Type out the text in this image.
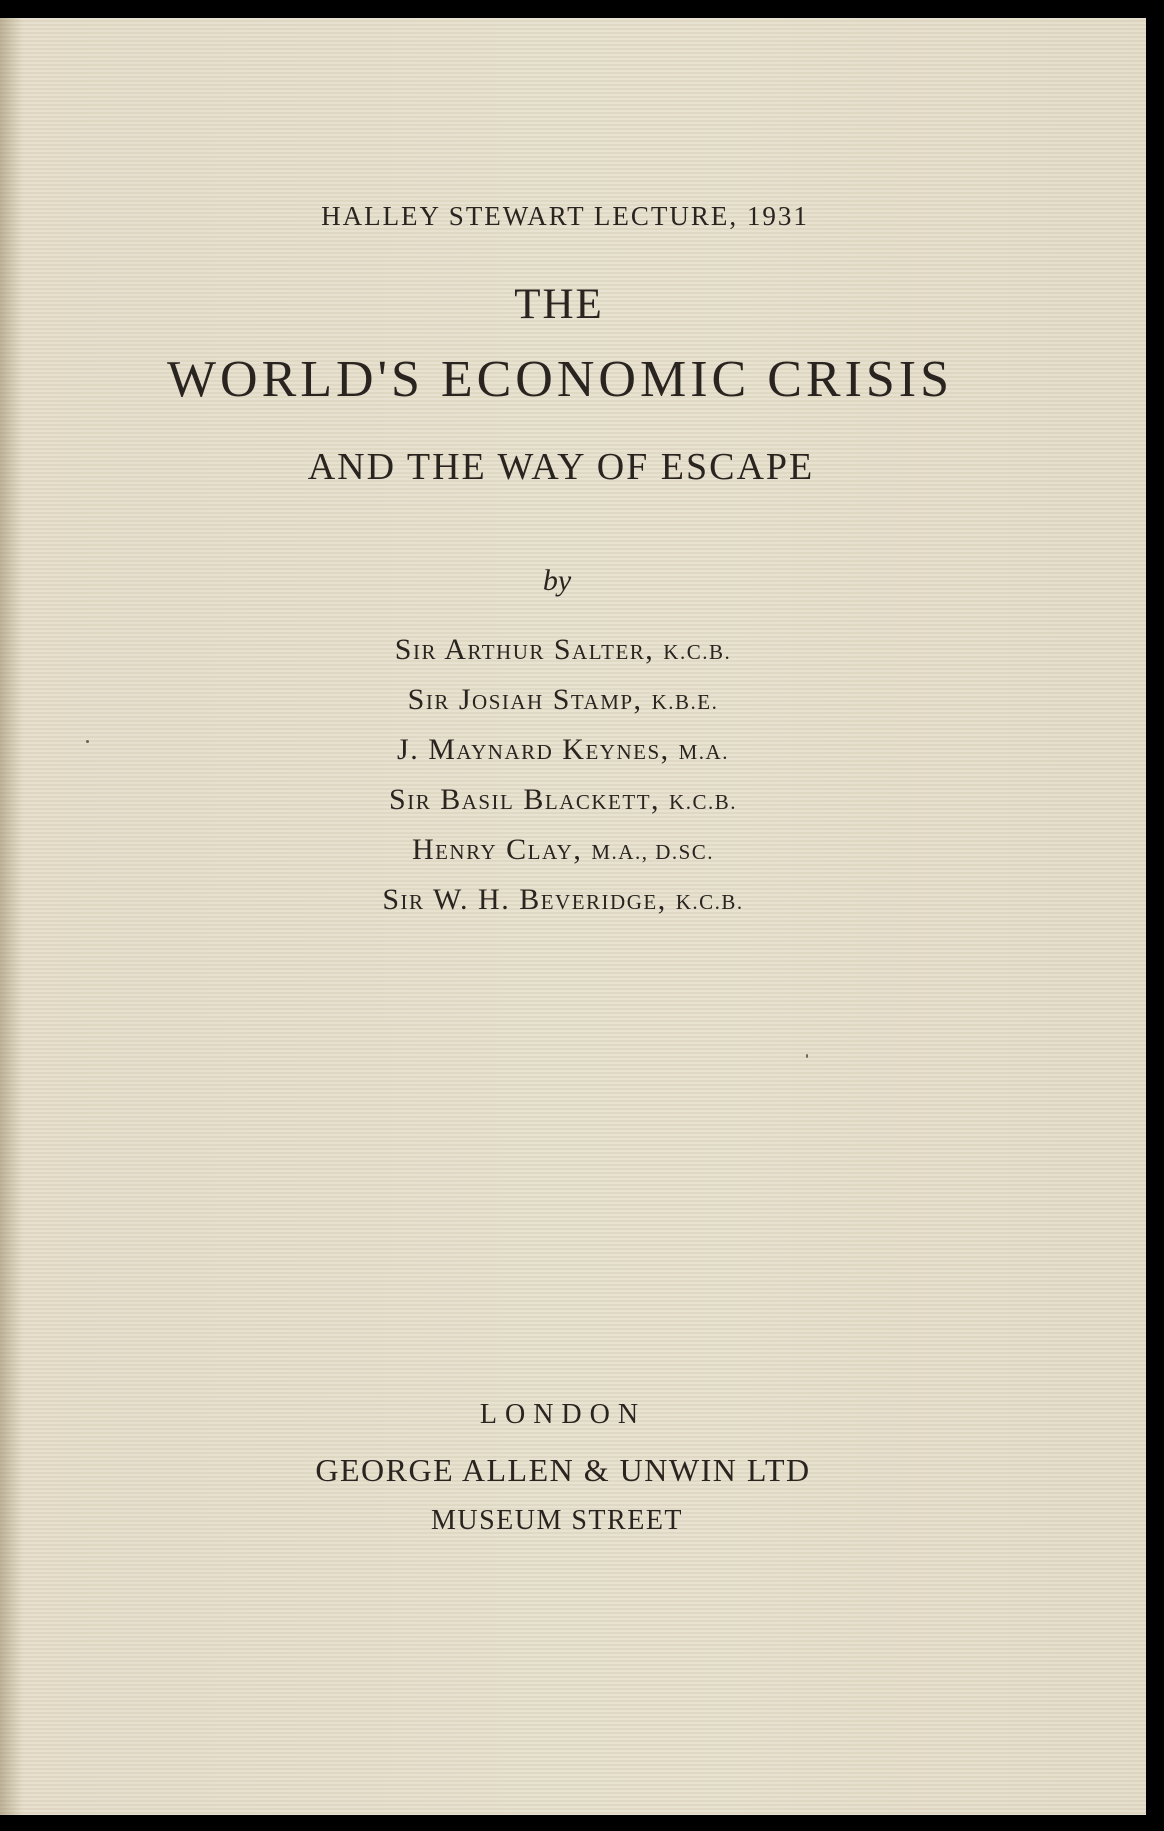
HALLEY STEWART LECTURE, 1931
THE
WORLD'S ECONOMIC CRISIS
AND THE WAY OF ESCAPE
by
Sir Arthur Salter, K.C.B.
Sir Josiah Stamp, K.B.E.
J. Maynard Keynes, M.A.
Sir Basil Blackett, K.C.B.
Henry Clay, M.A., D.SC.
Sir W. H. Beveridge, K.C.B.
LONDON
GEORGE ALLEN & UNWIN LTD
MUSEUM STREET
